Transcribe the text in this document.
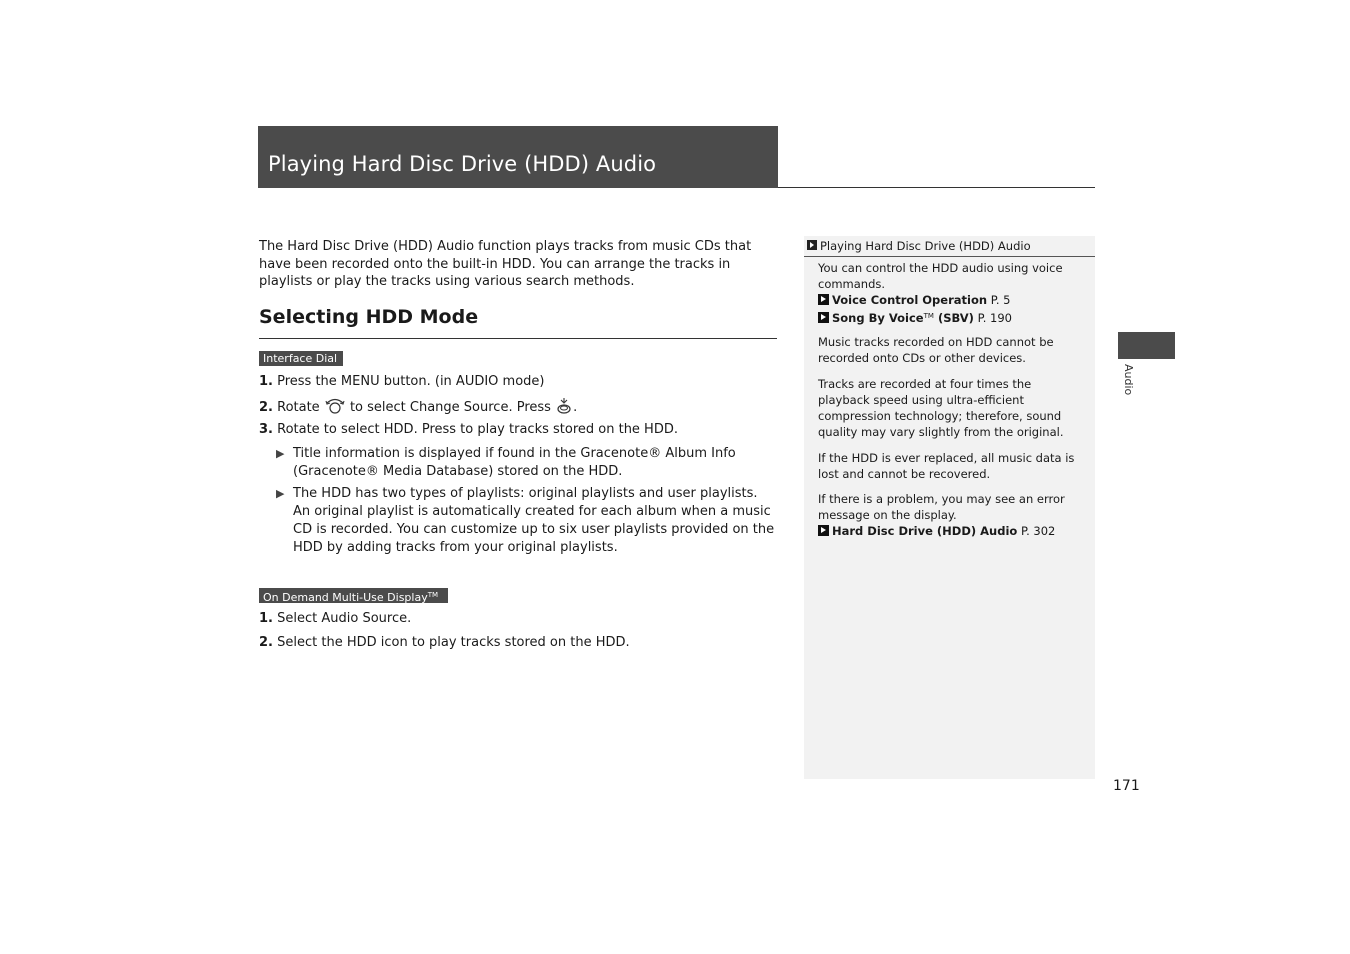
Playing Hard Disc Drive (HDD) Audio
The Hard Disc Drive (HDD) Audio function plays tracks from music CDs that have been recorded onto the built-in HDD. You can arrange the tracks in playlists or play the tracks using various search methods.
Selecting HDD Mode
Interface Dial
1. Press the MENU button. (in AUDIO mode)
2. Rotate  to select Change Source. Press .
3. Rotate to select HDD. Press to play tracks stored on the HDD.
▶ Title information is displayed if found in the Gracenote® Album Info (Gracenote® Media Database) stored on the HDD.
▶ The HDD has two types of playlists: original playlists and user playlists. An original playlist is automatically created for each album when a music CD is recorded. You can customize up to six user playlists provided on the HDD by adding tracks from your original playlists.
On Demand Multi-Use Display™
1. Select Audio Source.
2. Select the HDD icon to play tracks stored on the HDD.
Playing Hard Disc Drive (HDD) Audio
You can control the HDD audio using voice commands.
Voice Control Operation P. 5
Song By Voice™ (SBV) P. 190
Music tracks recorded on HDD cannot be recorded onto CDs or other devices.
Tracks are recorded at four times the playback speed using ultra-efficient compression technology; therefore, sound quality may vary slightly from the original.
If the HDD is ever replaced, all music data is lost and cannot be recovered.
If there is a problem, you may see an error message on the display.
Hard Disc Drive (HDD) Audio P. 302
Audio
171
